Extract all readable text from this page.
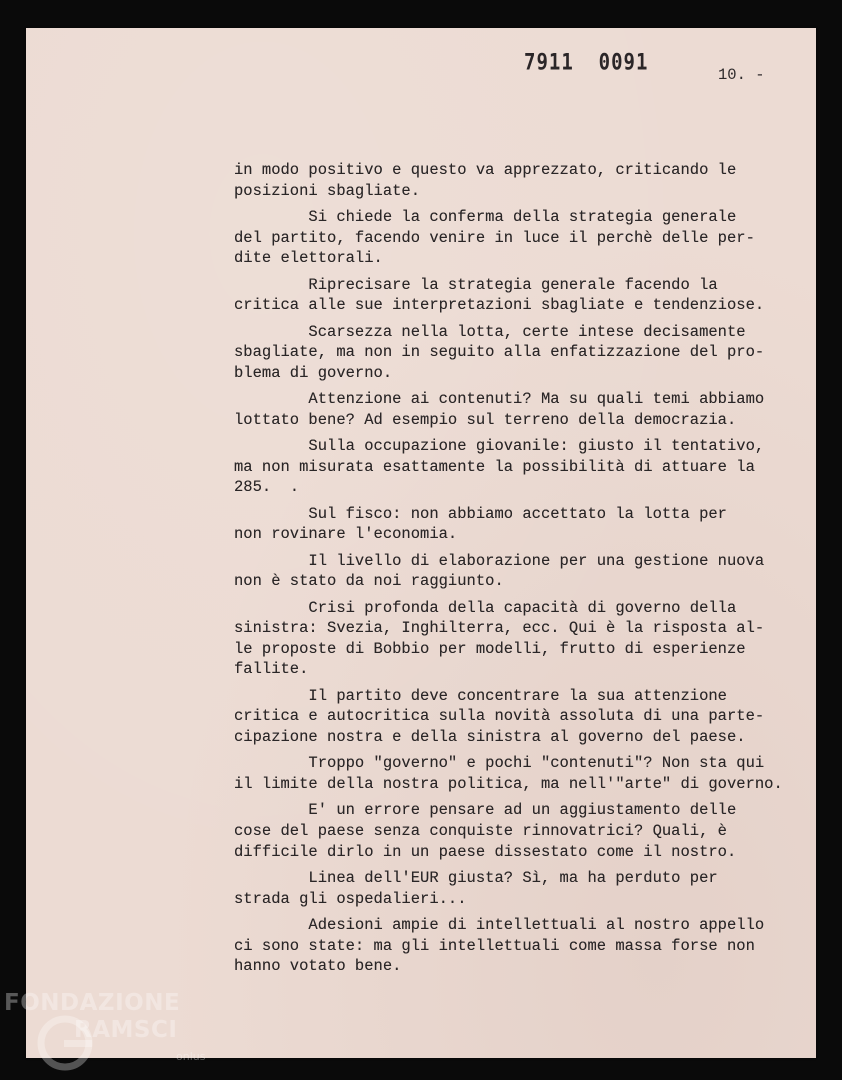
7911  0091	10. -

in modo positivo e questo va apprezzato, criticando le
posizioni sbagliate.

Si chiede la conferma della strategia generale
del partito, facendo venire in luce il perchè delle per-
dite elettorali.

Riprecisare la strategia generale facendo la
critica alle sue interpretazioni sbagliate e tendenziose.

Scarsezza nella lotta, certe intese decisamente
sbagliate, ma non in seguito alla enfatizzazione del pro-
blema di governo.

Attenzione ai contenuti? Ma su quali temi abbiamo
lottato bene? Ad esempio sul terreno della democrazia.

Sulla occupazione giovanile: giusto il tentativo,
ma non misurata esattamente la possibilità di attuare la
285.  .

Sul fisco: non abbiamo accettato la lotta per
non rovinare l'economia.

Il livello di elaborazione per una gestione nuova
non è stato da noi raggiunto.

Crisi profonda della capacità di governo della
sinistra: Svezia, Inghilterra, ecc. Qui è la risposta al-
le proposte di Bobbio per modelli, frutto di esperienze
fallite.

Il partito deve concentrare la sua attenzione
critica e autocritica sulla novità assoluta di una parte-
cipazione nostra e della sinistra al governo del paese.

Troppo "governo" e pochi "contenuti"? Non sta qui
il limite della nostra politica, ma nell'"arte" di governo.

E' un errore pensare ad un aggiustamento delle
cose del paese senza conquiste rinnovatrici? Quali, è
difficile dirlo in un paese dissestato come il nostro.

Linea dell'EUR giusta? Sì, ma ha perduto per
strada gli ospedalieri...

Adesioni ampie di intellettuali al nostro appello
ci sono state: ma gli intellettuali come massa forse non
hanno votato bene.

FONDAZIONE
RAMSCI
onlus
